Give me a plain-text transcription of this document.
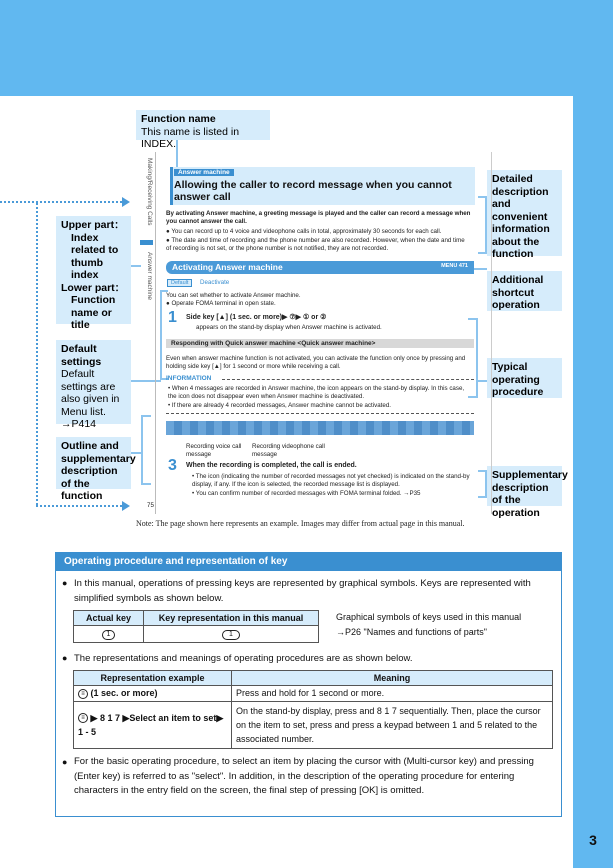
3
Function name
This name is listed in INDEX.
Upper part：
Index related to thumb index
Lower part：
Function name or title
Default settings
Default settings are also given in Menu list.
→P414
Outline and supplementary description of the function
Detailed description and convenient information about the function
Additional shortcut operation
Typical operating procedure
Supplementary description of the operation
Making/Receiving Calls
Answer machine
Answer machine
Allowing the caller to record message when you cannot answer call
By activating Answer machine, a greeting message is played and the caller can record a message when you cannot answer the call.
● You can record up to 4 voice and videophone calls in total, approximately 30 seconds for each call.
● The date and time of recording and the phone number are also recorded. However, when the date and time of recording is not set, or the phone number is not notified, they are not recorded.
Activating Answer machine	MENU 471
Default	Deactivate
You can set whether to activate Answer machine.
● Operate FOMA terminal in open state.
1 Side key [▲] (1 sec. or more)▶ ⑦▶ ① or ②
appears on the stand-by display when Answer machine is activated.
Responding with Quick answer machine <Quick answer machine>
Even when answer machine function is not activated, you can activate the function only once by pressing and holding side key [▲] for 1 second or more while receiving a call.
INFORMATION
• When 4 messages are recorded in Answer machine, the icon appears on the stand-by display. In this case, the icon does not disappear even when Answer machine is deactivated.
• If there are already 4 recorded messages, Answer machine cannot be activated.
Recording voice call message
Recording videophone call message
3 When the recording is completed, the call is ended.
• The icon (indicating the number of recorded messages not yet checked) is indicated on the stand-by display, if any. If the icon is selected, the recorded message list is displayed.
• You can confirm number of recorded messages with FOMA terminal folded. →P35
75
Note: The page shown here represents an example. Images may differ from actual page in this manual.
Operating procedure and representation of key
● In this manual, operations of pressing keys are represented by graphical symbols. Keys are represented with simplified symbols as shown below.
Actual key	Key representation in this manual
1	1
Graphical symbols of keys used in this manual
→P26 "Names and functions of parts"
● The representations and meanings of operating procedures are as shown below.
Representation example	Meaning
≡ (1 sec. or more)	Press and hold for 1 second or more.
≡ ▶ 8 1 7 ▶Select an item to set▶ 1 - 5	On the stand-by display, press and 8 1 7 sequentially. Then, place the cursor on the item to set, press and press a keypad between 1 and 5 related to the associated number.
● For the basic operating procedure, to select an item by placing the cursor with (Multi-cursor key) and pressing (Enter key) is referred to as "select". In addition, in the description of the operating procedure for entering characters in the entry field on the screen, the final step of pressing [OK] is omitted.
